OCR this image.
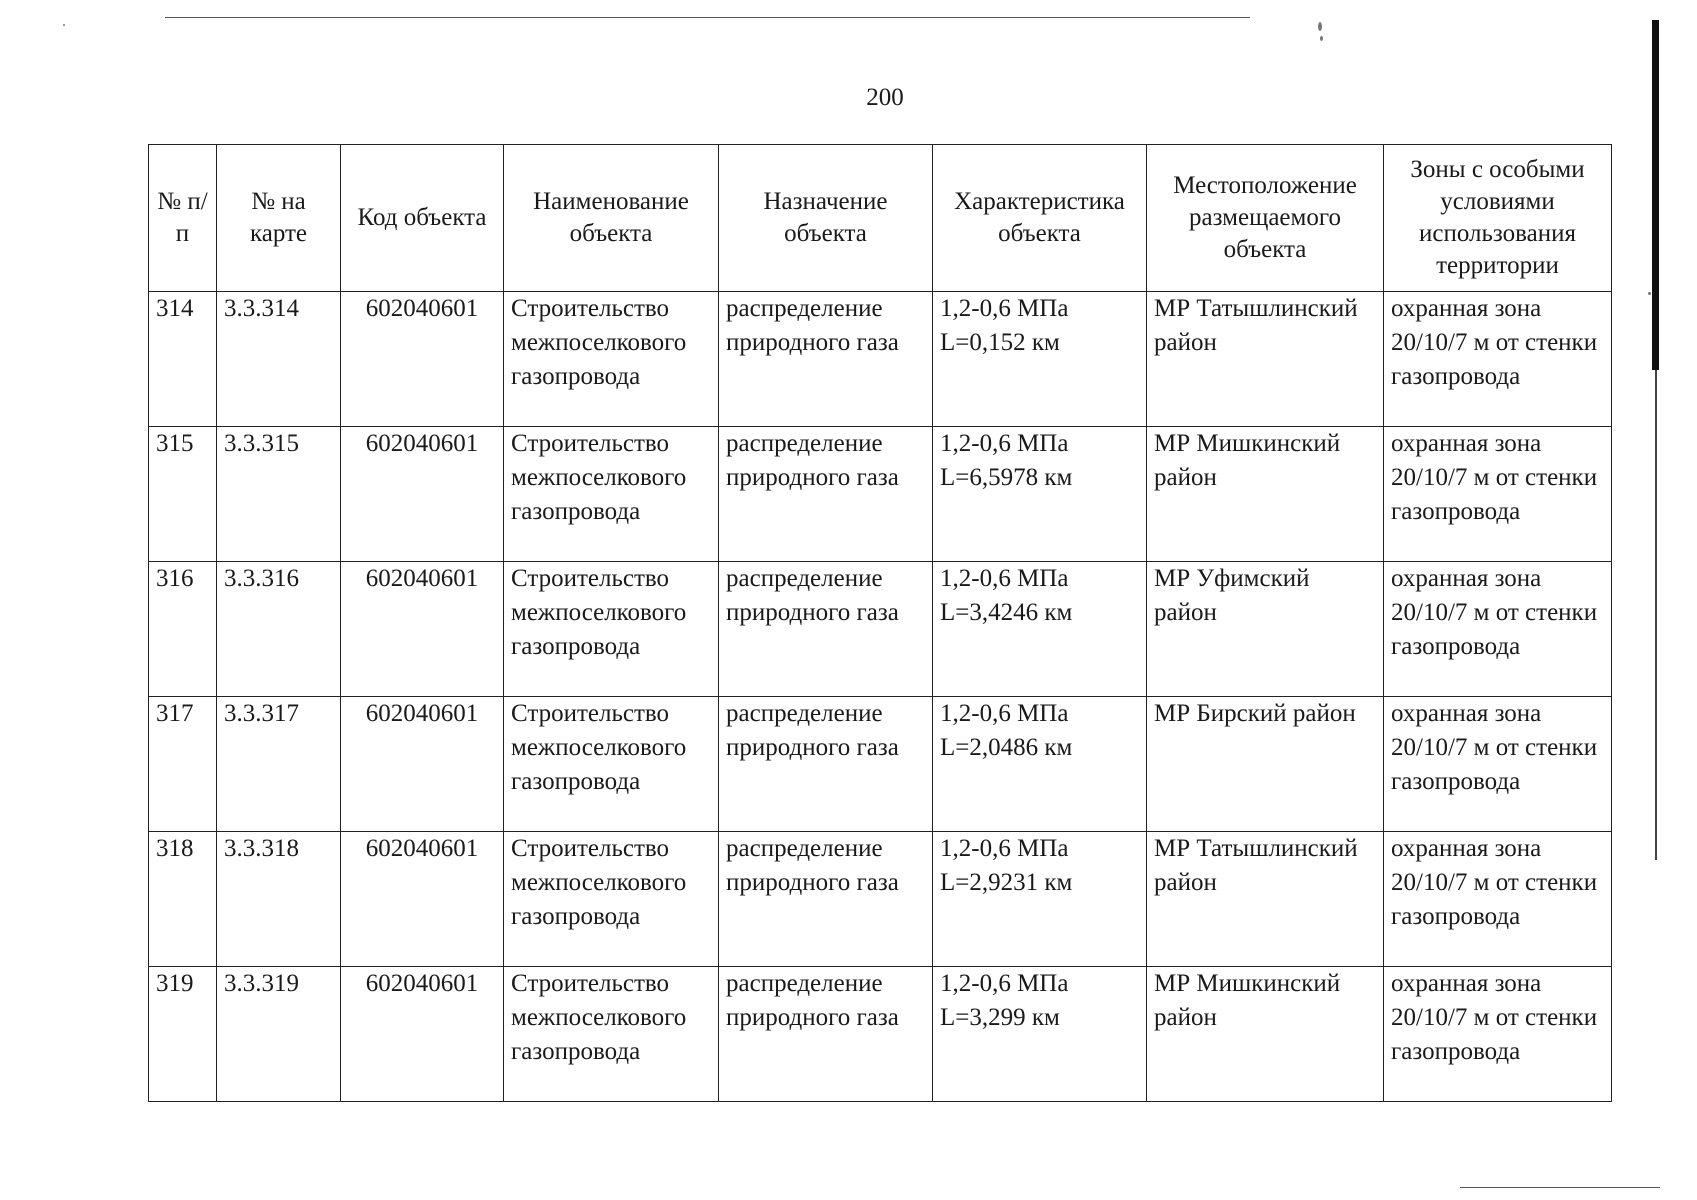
200
№ п/п	№ на карте	Код объекта	Наименование объекта	Назначение объекта	Характеристика объекта	Местоположение размещаемого объекта	Зоны с особыми условиями использования территории
314	3.3.314	602040601	Строительство межпоселкового газопровода	распределение природного газа	1,2-0,6 МПа L=0,152 км	МР Татышлинский район	охранная зона 20/10/7 м от стенки газопровода
315	3.3.315	602040601	Строительство межпоселкового газопровода	распределение природного газа	1,2-0,6 МПа L=6,5978 км	МР Мишкинский район	охранная зона 20/10/7 м от стенки газопровода
316	3.3.316	602040601	Строительство межпоселкового газопровода	распределение природного газа	1,2-0,6 МПа L=3,4246 км	МР Уфимский район	охранная зона 20/10/7 м от стенки газопровода
317	3.3.317	602040601	Строительство межпоселкового газопровода	распределение природного газа	1,2-0,6 МПа L=2,0486 км	МР Бирский район	охранная зона 20/10/7 м от стенки газопровода
318	3.3.318	602040601	Строительство межпоселкового газопровода	распределение природного газа	1,2-0,6 МПа L=2,9231 км	МР Татышлинский район	охранная зона 20/10/7 м от стенки газопровода
319	3.3.319	602040601	Строительство межпоселкового газопровода	распределение природного газа	1,2-0,6 МПа L=3,299 км	МР Мишкинский район	охранная зона 20/10/7 м от стенки газопровода
